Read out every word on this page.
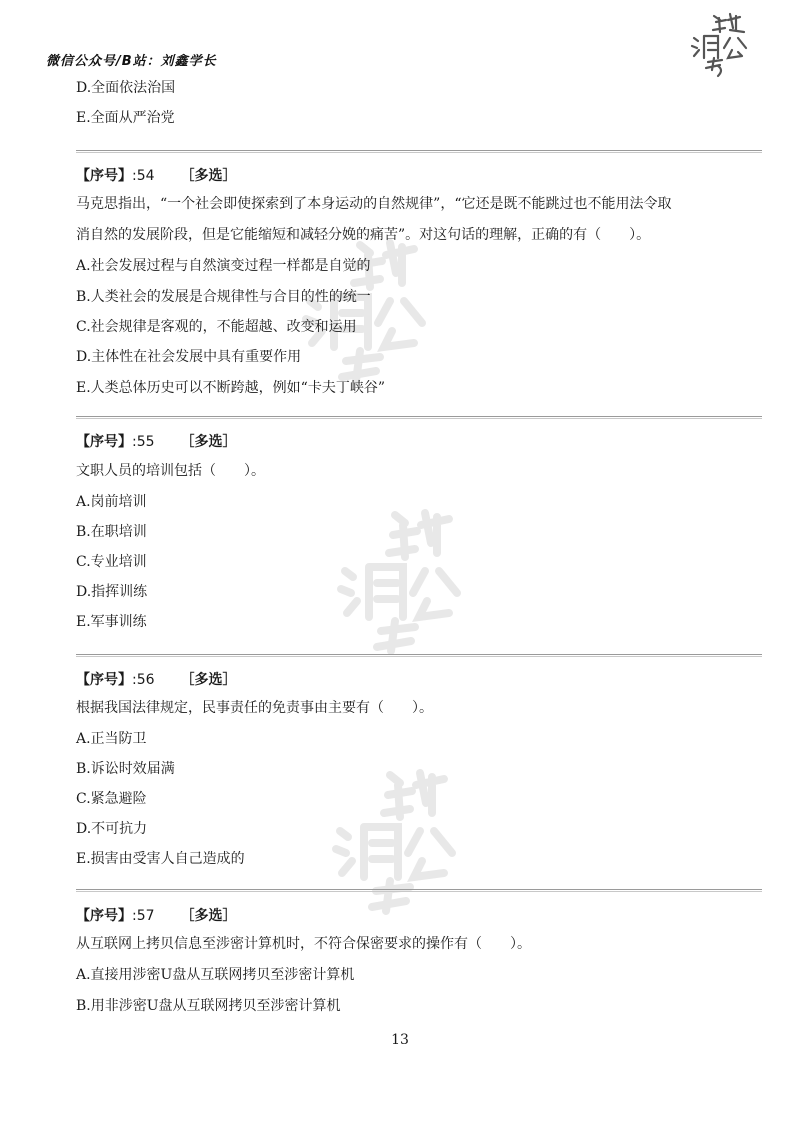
微信公众号/B站：刘鑫学长
D.全面依法治国
E.全面从严治党
【序号】:54 ［多选］
马克思指出，“一个社会即使探索到了本身运动的自然规律”，“它还是既不能跳过也不能用法令取
消自然的发展阶段，但是它能缩短和减轻分娩的痛苦”。对这句话的理解，正确的有（　　）。
A.社会发展过程与自然演变过程一样都是自觉的
B.人类社会的发展是合规律性与合目的性的统一
C.社会规律是客观的，不能超越、改变和运用
D.主体性在社会发展中具有重要作用
E.人类总体历史可以不断跨越，例如“卡夫丁峡谷”
【序号】:55 ［多选］
文职人员的培训包括（　　）。
A.岗前培训
B.在职培训
C.专业培训
D.指挥训练
E.军事训练
【序号】:56 ［多选］
根据我国法律规定，民事责任的免责事由主要有（　　）。
A.正当防卫
B.诉讼时效届满
C.紧急避险
D.不可抗力
E.损害由受害人自己造成的
【序号】:57 ［多选］
从互联网上拷贝信息至涉密计算机时，不符合保密要求的操作有（　　）。
A.直接用涉密U盘从互联网拷贝至涉密计算机
B.用非涉密U盘从互联网拷贝至涉密计算机
13
